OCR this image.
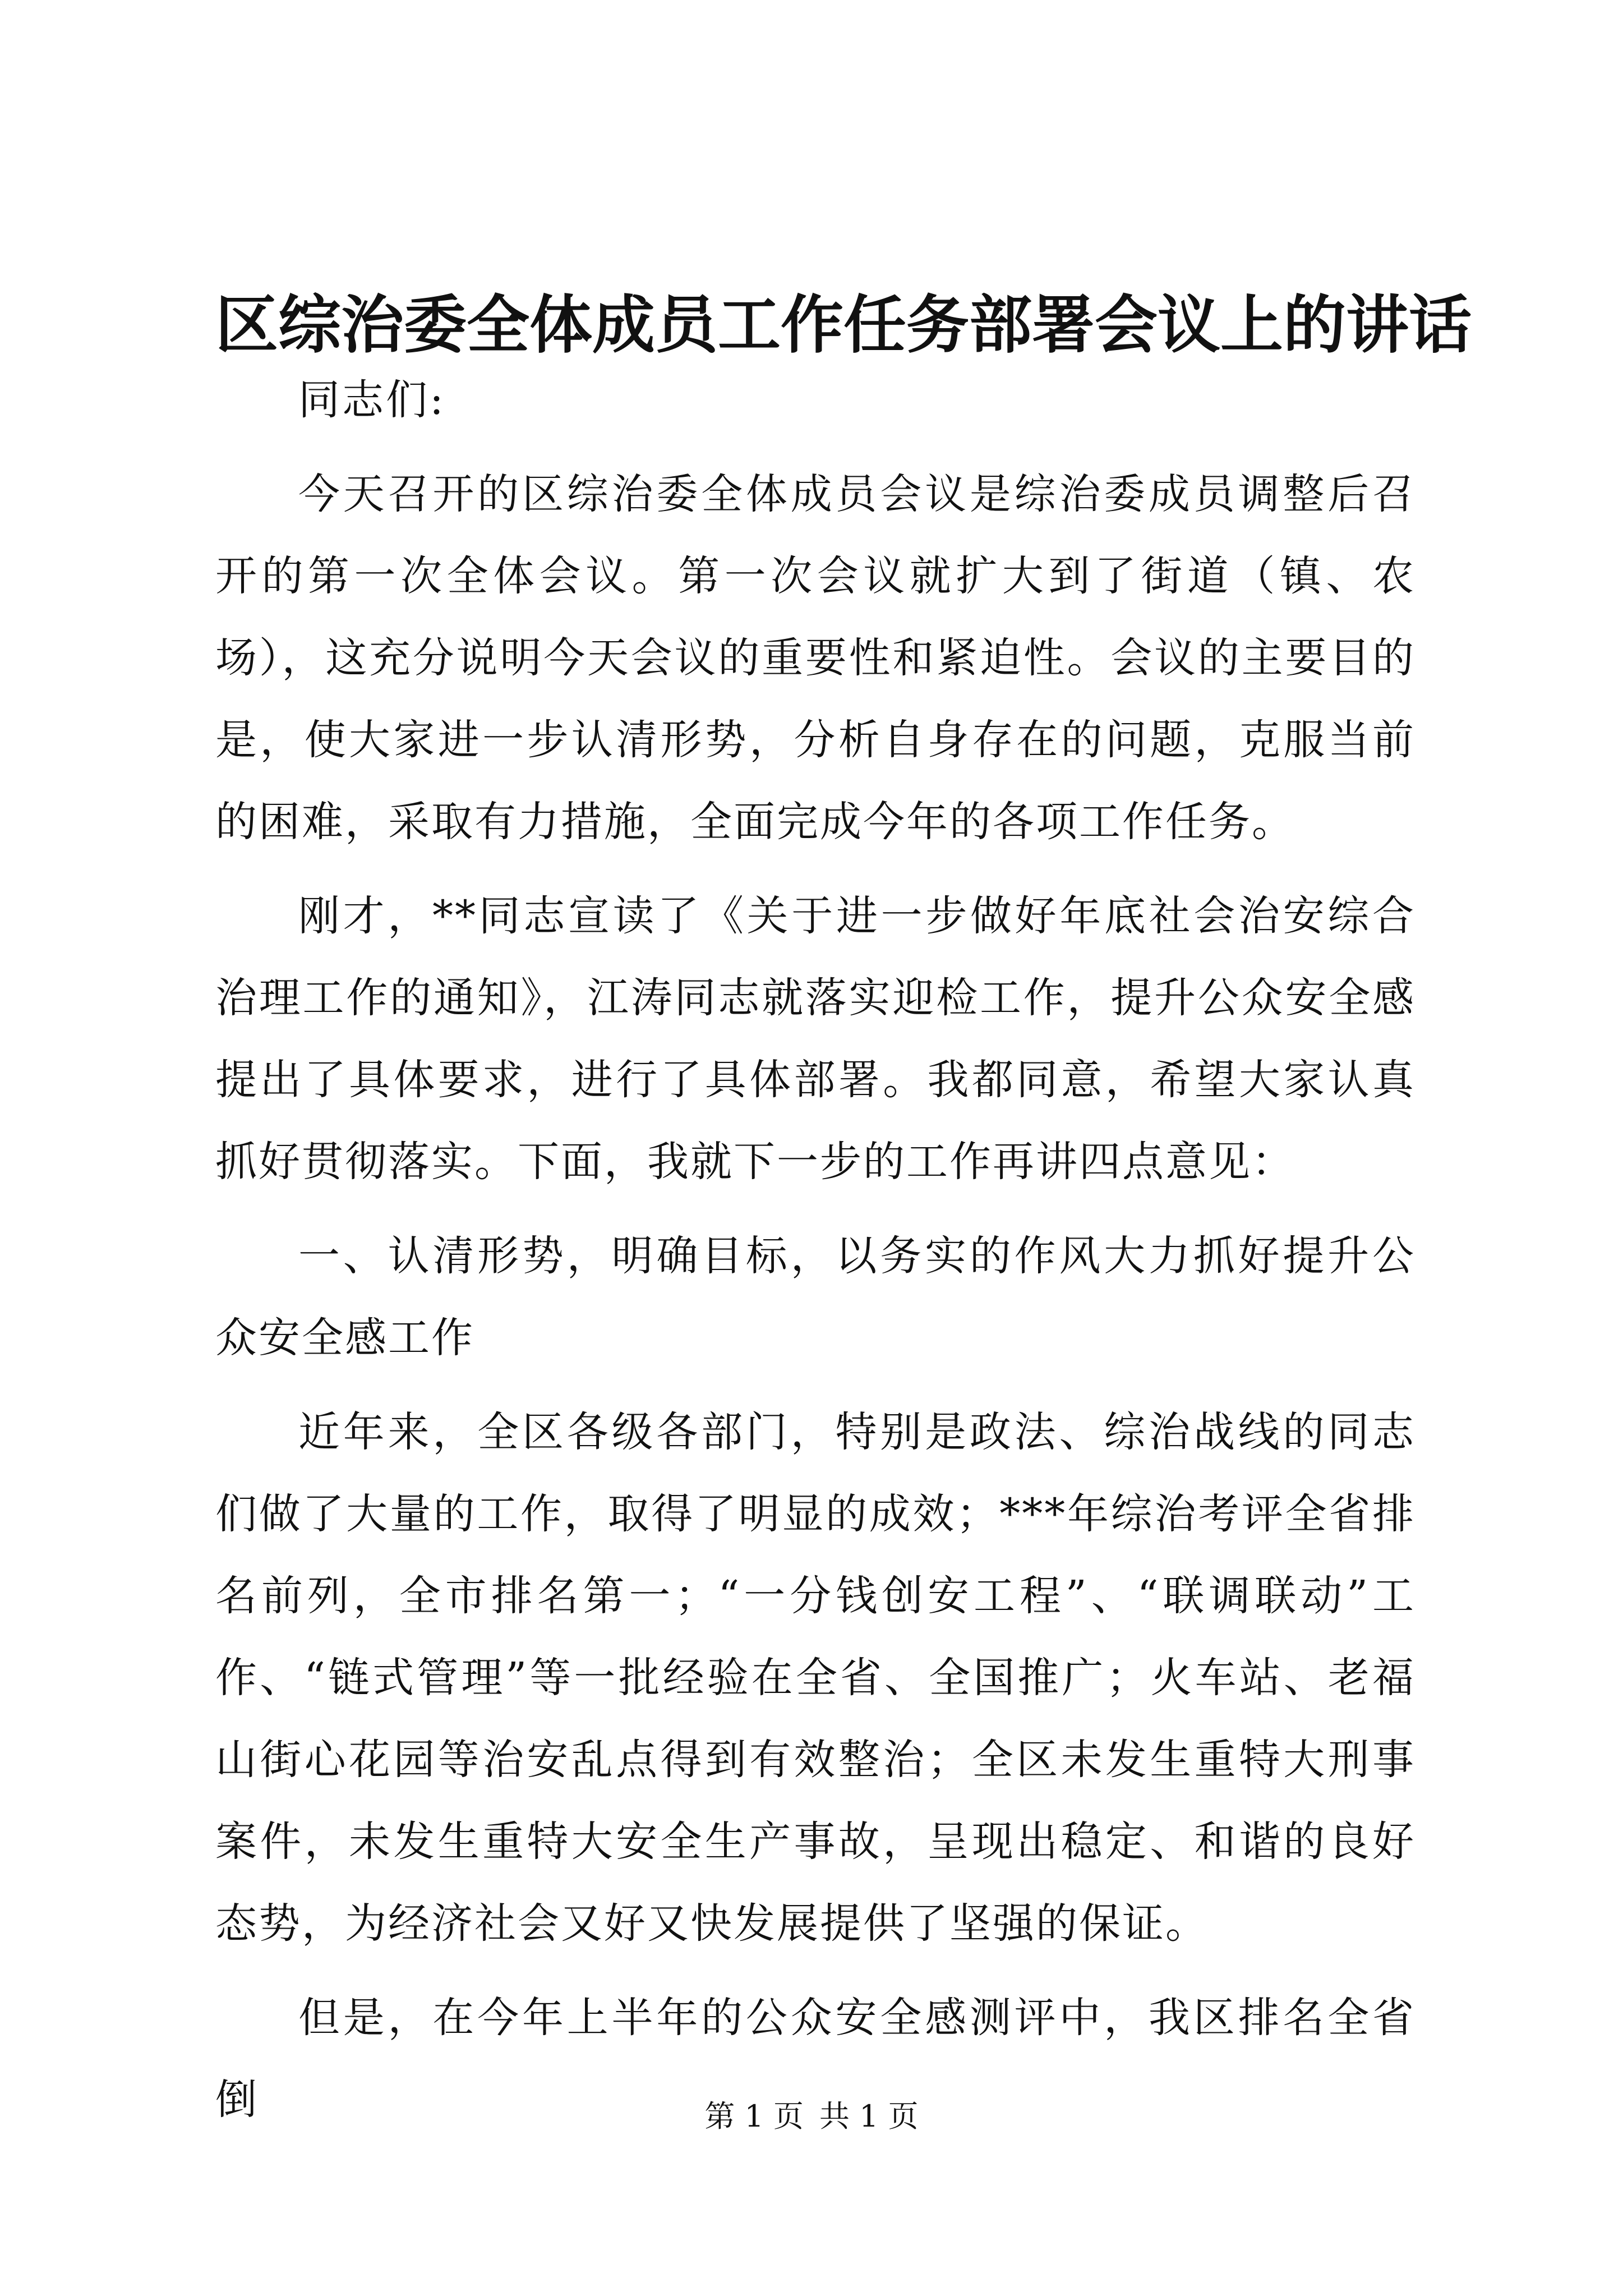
区综治委全体成员工作任务部署会议上的讲话

同志们:

今天召开的区综治委全体成员会议是综治委成员调整后召开的第一次全体会议。第一次会议就扩大到了街道（镇、农场），这充分说明今天会议的重要性和紧迫性。会议的主要目的是，使大家进一步认清形势，分析自身存在的问题，克服当前的困难，采取有力措施，全面完成今年的各项工作任务。

刚才，**同志宣读了《关于进一步做好年底社会治安综合治理工作的通知》，江涛同志就落实迎检工作，提升公众安全感提出了具体要求，进行了具体部署。我都同意，希望大家认真抓好贯彻落实。下面，我就下一步的工作再讲四点意见：

一、认清形势，明确目标，以务实的作风大力抓好提升公众安全感工作

近年来，全区各级各部门，特别是政法、综治战线的同志们做了大量的工作，取得了明显的成效；***年综治考评全省排名前列，全市排名第一；“一分钱创安工程”、“联调联动”工作、“链式管理”等一批经验在全省、全国推广；火车站、老福山街心花园等治安乱点得到有效整治；全区未发生重特大刑事案件，未发生重特大安全生产事故，呈现出稳定、和谐的良好态势，为经济社会又好又快发展提供了坚强的保证。

但是，在今年上半年的公众安全感测评中，我区排名全省倒	第 1 页 共 1 页
